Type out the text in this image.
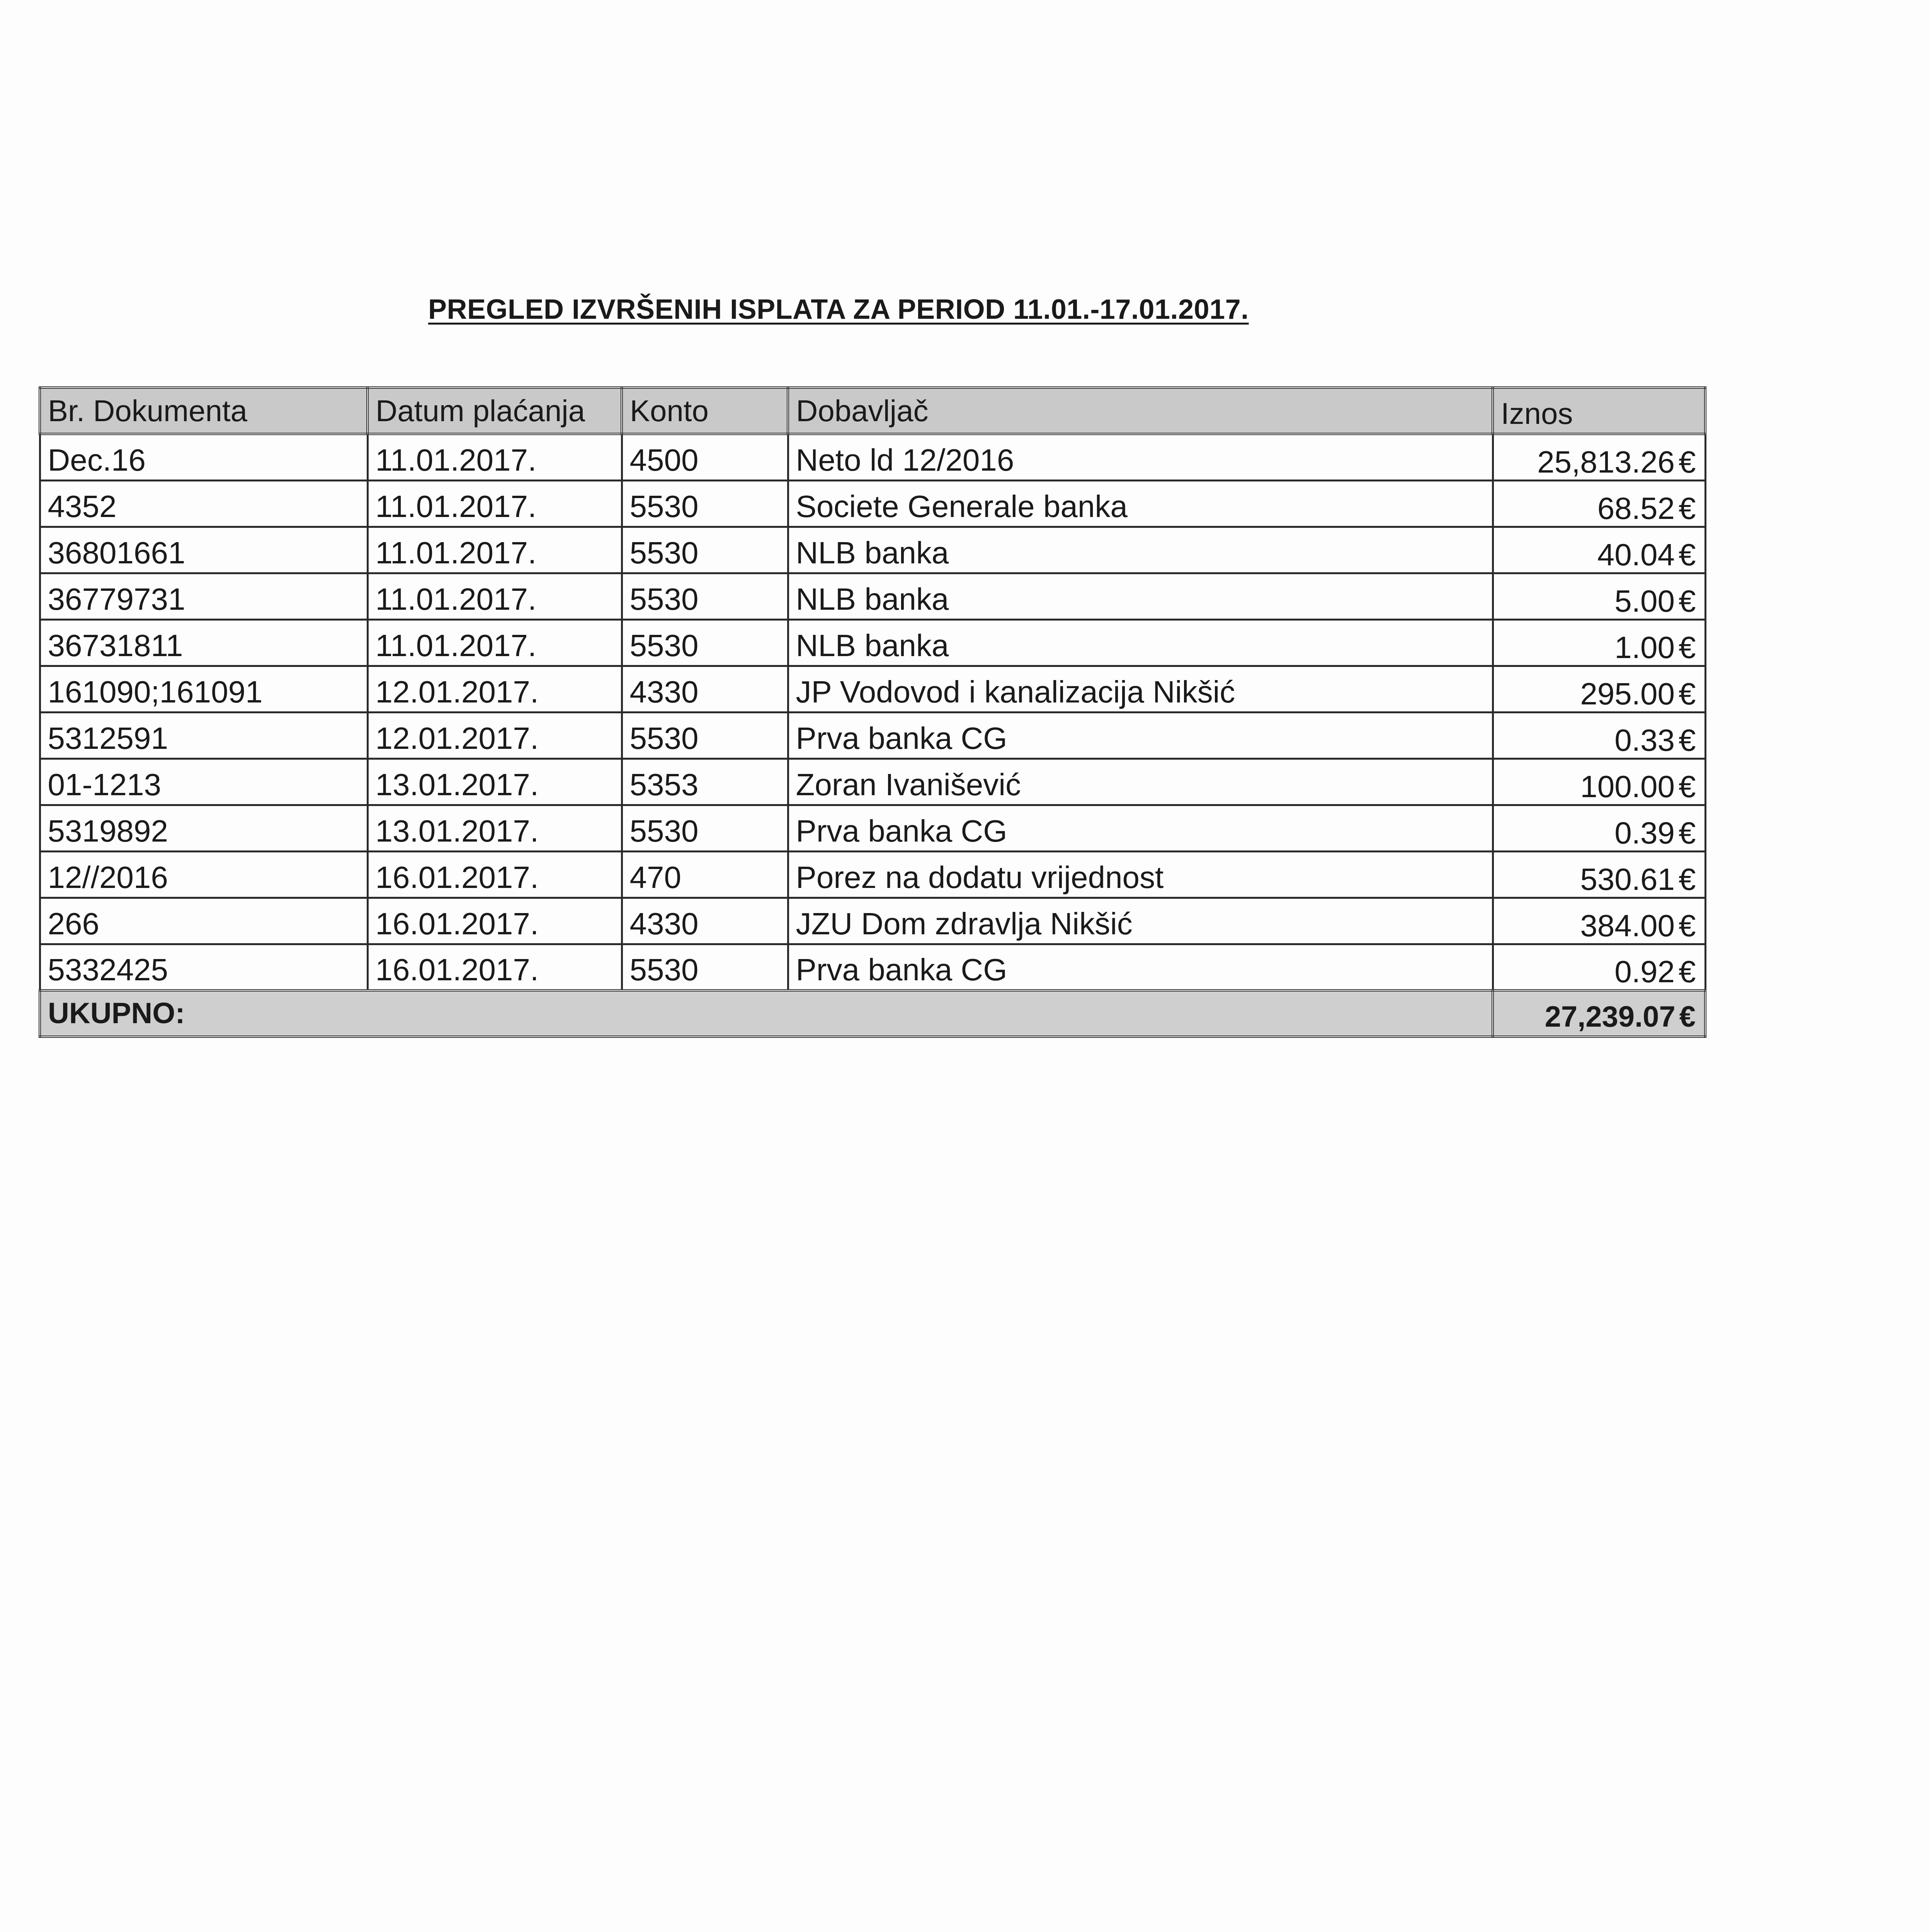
PREGLED IZVRŠENIH ISPLATA ZA PERIOD 11.01.-17.01.2017.
Br. Dokumenta	Datum plaćanja	Konto	Dobavljač	Iznos
Dec.16	11.01.2017.	4500	Neto ld 12/2016	25,813.26 €
4352	11.01.2017.	5530	Societe Generale banka	68.52 €
36801661	11.01.2017.	5530	NLB banka	40.04 €
36779731	11.01.2017.	5530	NLB banka	5.00 €
36731811	11.01.2017.	5530	NLB banka	1.00 €
161090;161091	12.01.2017.	4330	JP Vodovod i kanalizacija Nikšić	295.00 €
5312591	12.01.2017.	5530	Prva banka CG	0.33 €
01-1213	13.01.2017.	5353	Zoran Ivanišević	100.00 €
5319892	13.01.2017.	5530	Prva banka CG	0.39 €
12//2016	16.01.2017.	470	Porez na dodatu vrijednost	530.61 €
266	16.01.2017.	4330	JZU Dom zdravlja Nikšić	384.00 €
5332425	16.01.2017.	5530	Prva banka CG	0.92 €
UKUPNO:				27,239.07 €
